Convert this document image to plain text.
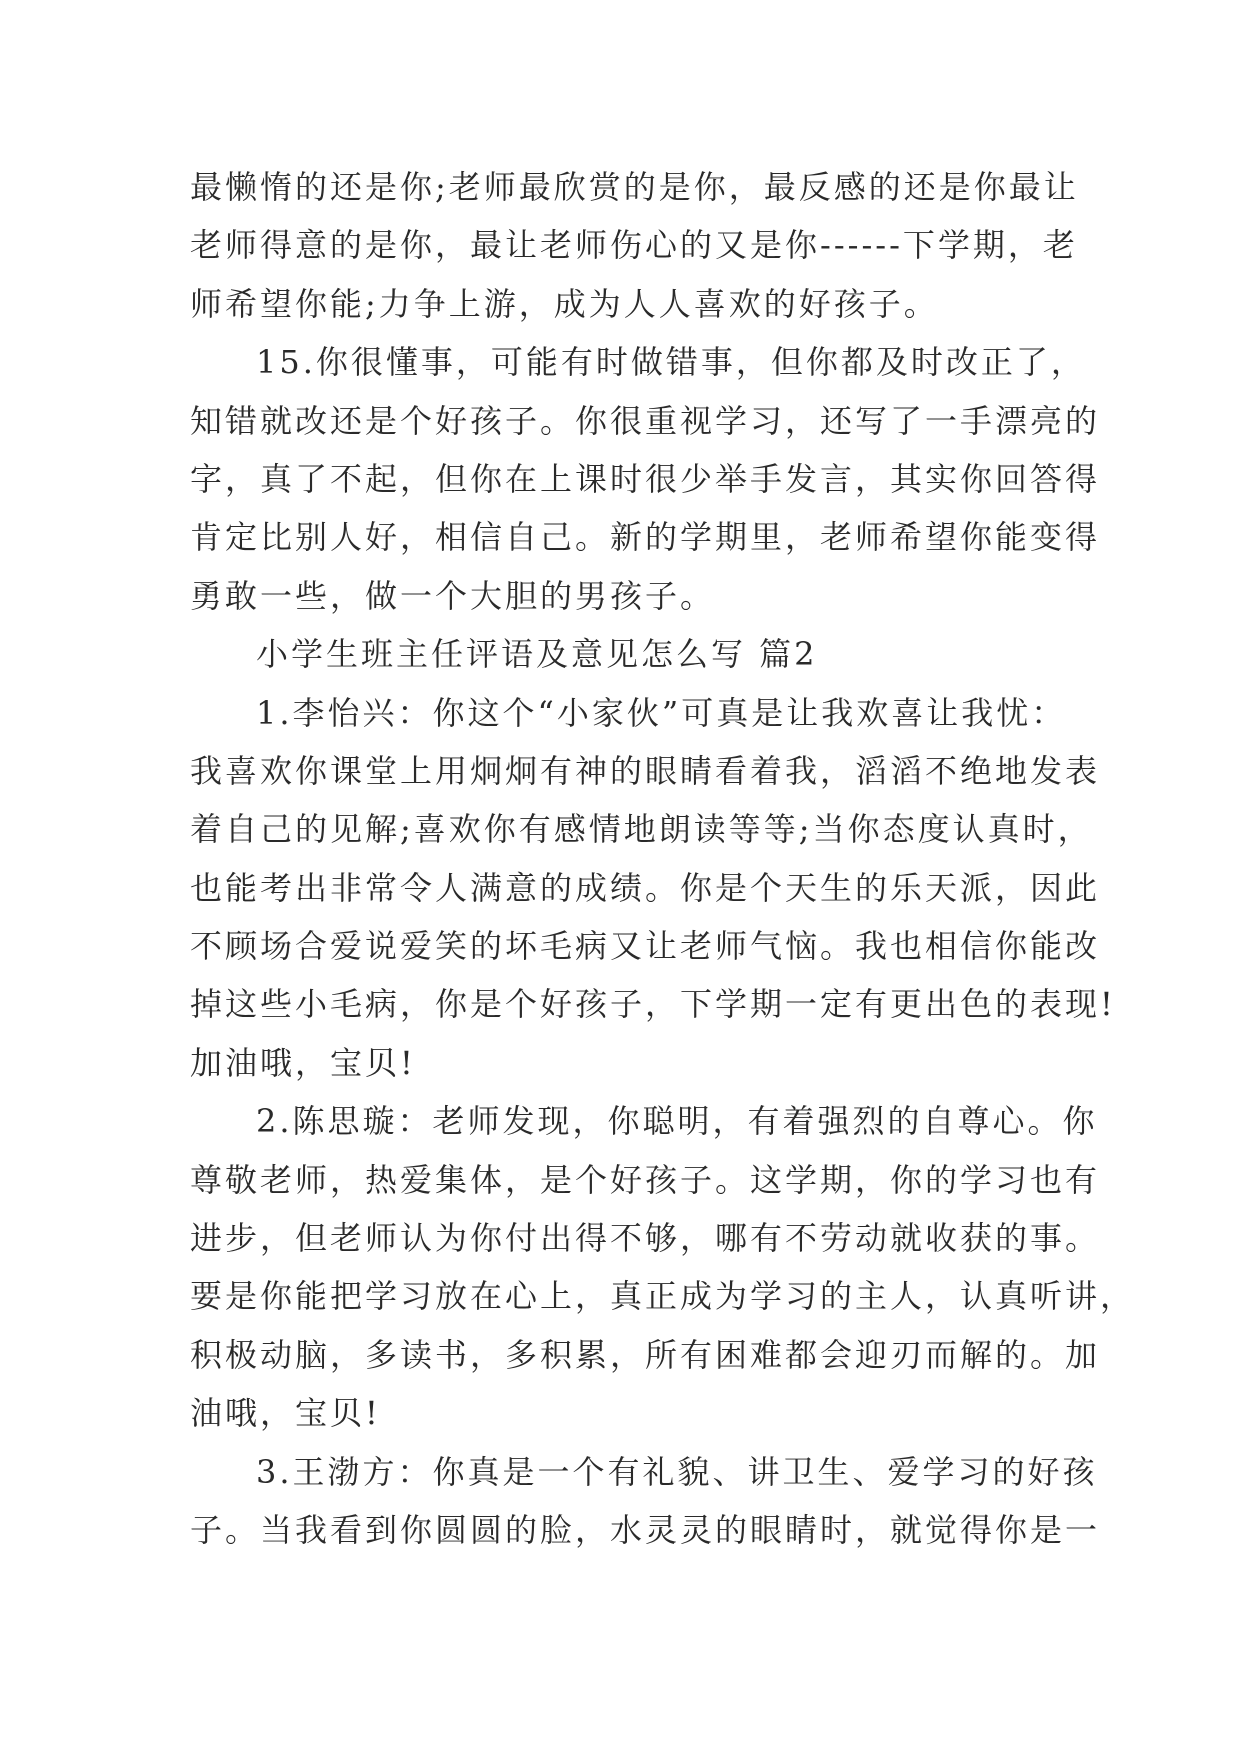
最懒惰的还是你;老师最欣赏的是你，最反感的还是你最让
老师得意的是你，最让老师伤心的又是你------下学期，老
师希望你能;力争上游，成为人人喜欢的好孩子。
15.你很懂事，可能有时做错事，但你都及时改正了，
知错就改还是个好孩子。你很重视学习，还写了一手漂亮的
字，真了不起，但你在上课时很少举手发言，其实你回答得
肯定比别人好，相信自己。新的学期里，老师希望你能变得
勇敢一些，做一个大胆的男孩子。
小学生班主任评语及意见怎么写 篇2
1.李怡兴：你这个“小家伙”可真是让我欢喜让我忧：
我喜欢你课堂上用炯炯有神的眼睛看着我，滔滔不绝地发表
着自己的见解;喜欢你有感情地朗读等等;当你态度认真时，
也能考出非常令人满意的成绩。你是个天生的乐天派，因此
不顾场合爱说爱笑的坏毛病又让老师气恼。我也相信你能改
掉这些小毛病，你是个好孩子，下学期一定有更出色的表现!
加油哦，宝贝!
2.陈思璇：老师发现，你聪明，有着强烈的自尊心。你
尊敬老师，热爱集体，是个好孩子。这学期，你的学习也有
进步，但老师认为你付出得不够，哪有不劳动就收获的事。
要是你能把学习放在心上，真正成为学习的主人，认真听讲，
积极动脑，多读书，多积累，所有困难都会迎刃而解的。加
油哦，宝贝!
3.王渤方：你真是一个有礼貌、讲卫生、爱学习的好孩
子。当我看到你圆圆的脸，水灵灵的眼睛时，就觉得你是一
